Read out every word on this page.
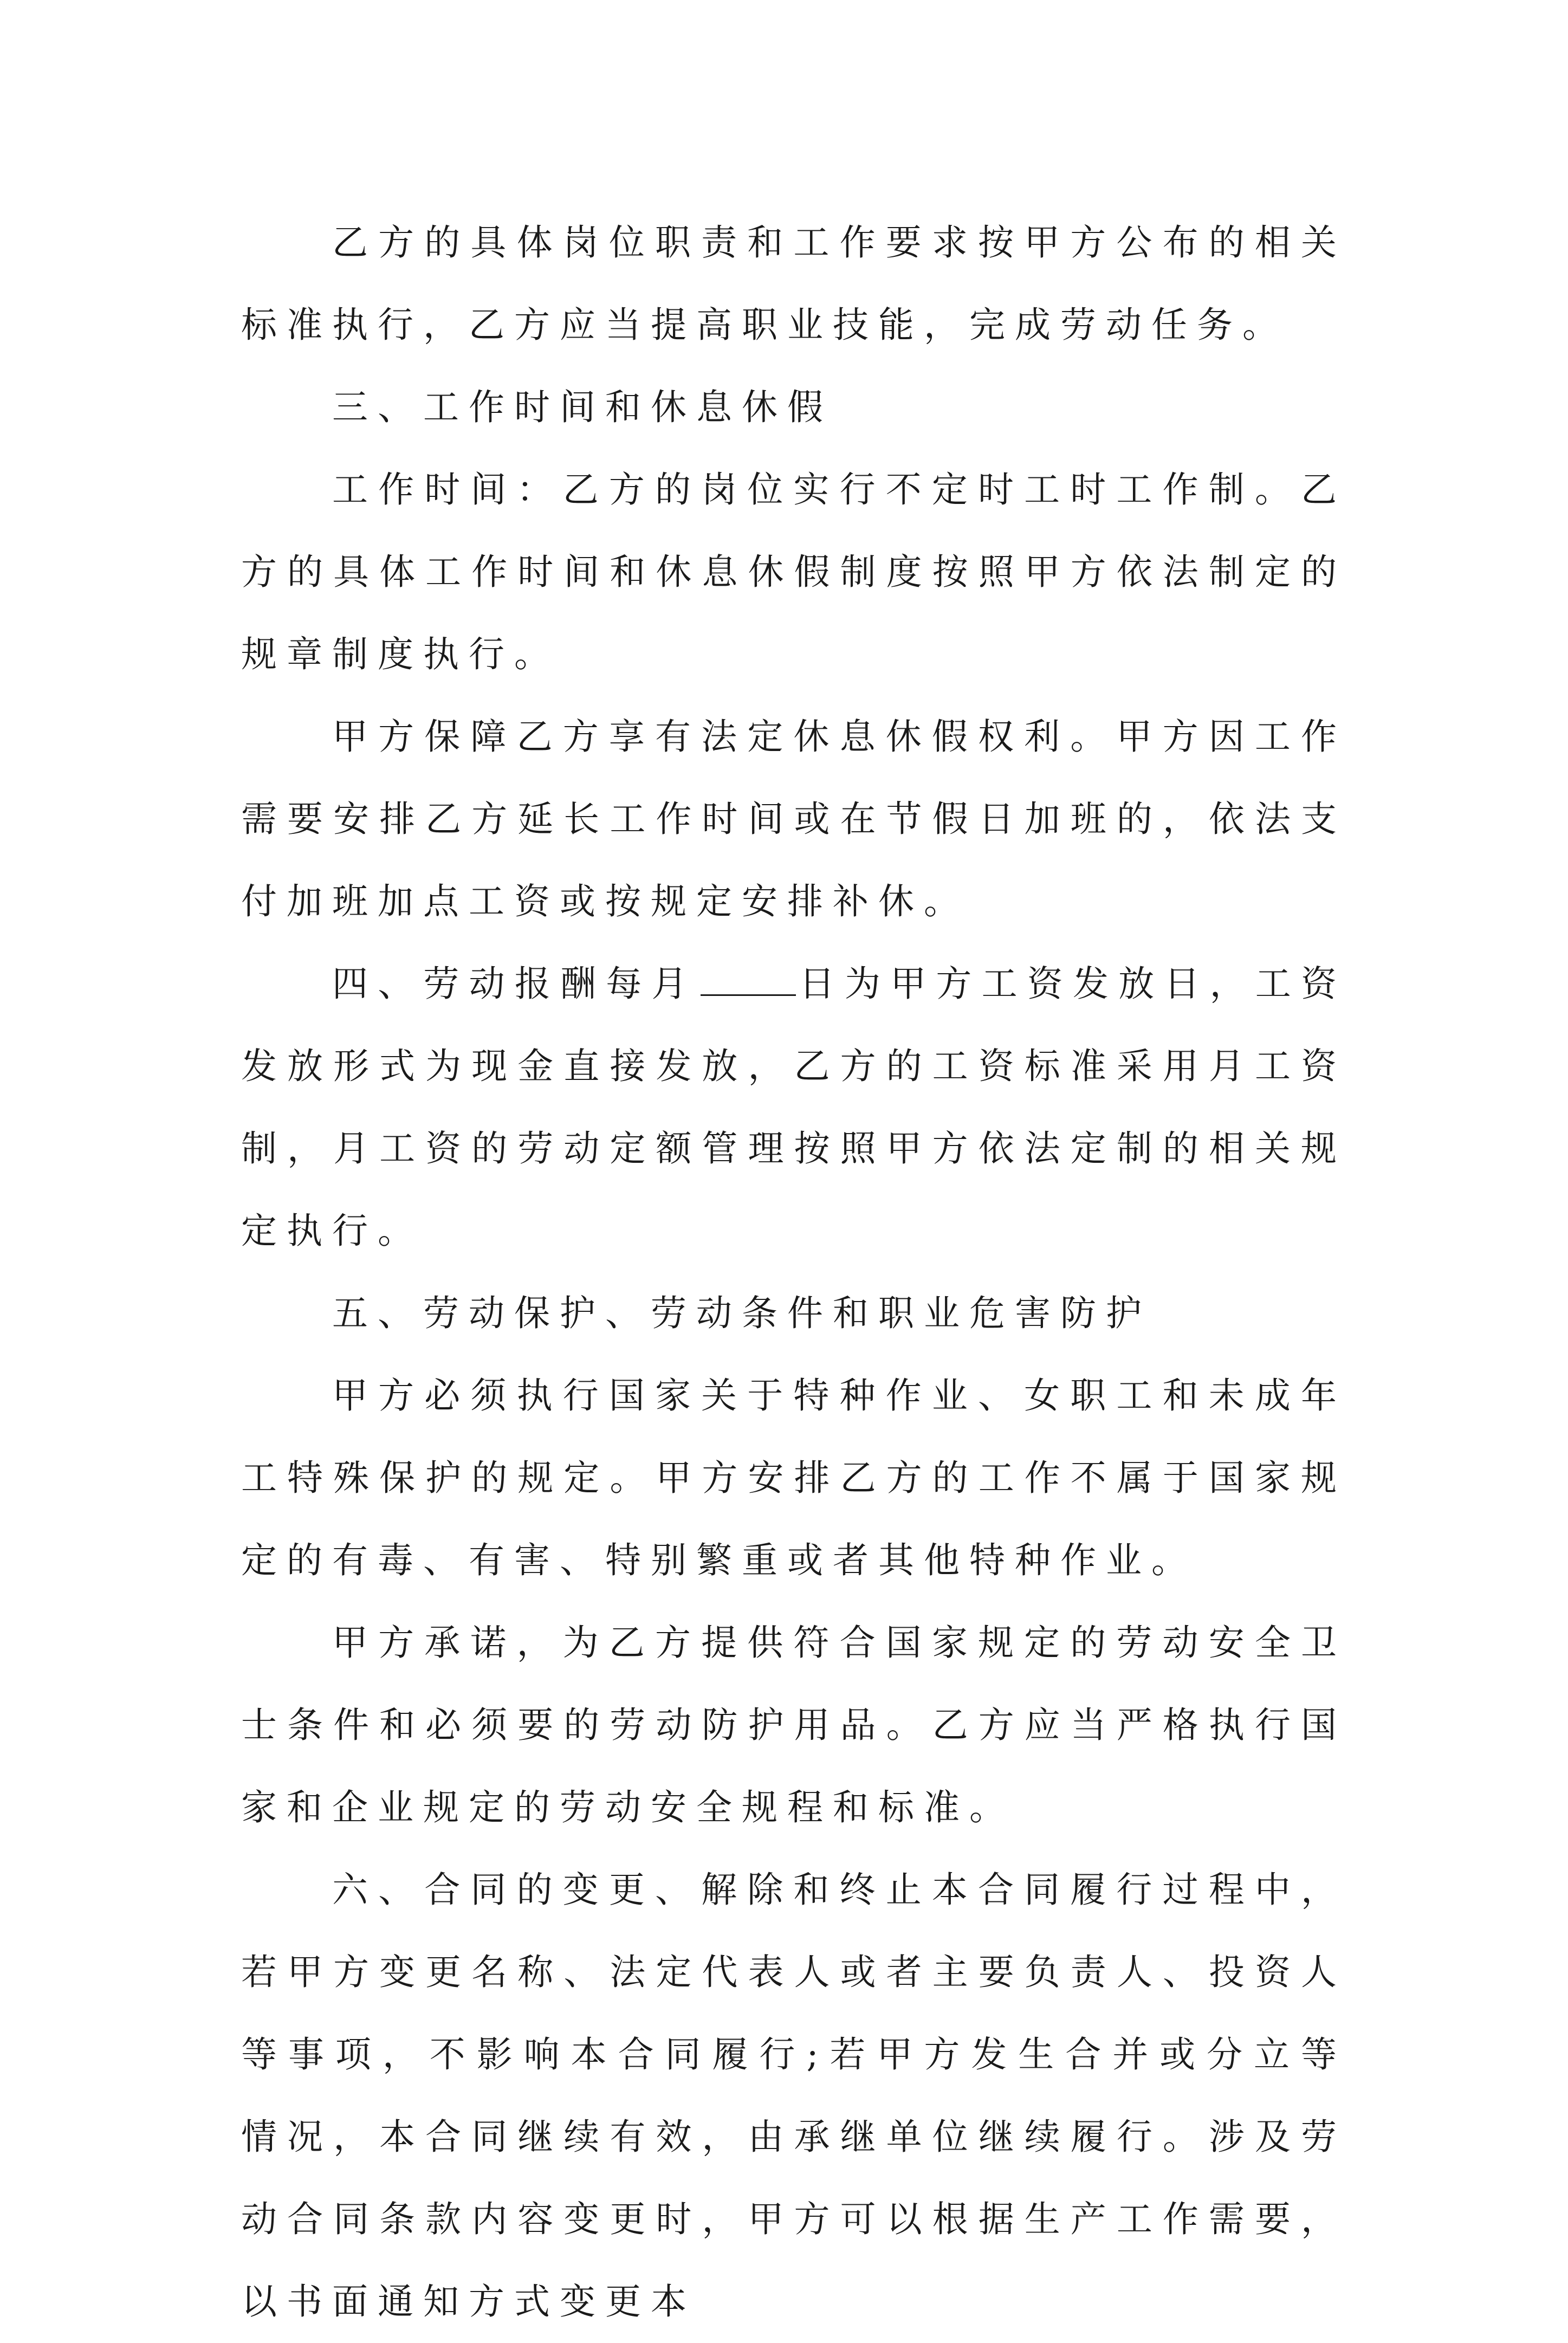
乙方的具体岗位职责和工作要求按甲方公布的相关标准执行，乙方应当提高职业技能，完成劳动任务。

三、工作时间和休息休假

工作时间：乙方的岗位实行不定时工时工作制。乙方的具体工作时间和休息休假制度按照甲方依法制定的规章制度执行。

甲方保障乙方享有法定休息休假权利。甲方因工作需要安排乙方延长工作时间或在节假日加班的，依法支付加班加点工资或按规定安排补休。

四、劳动报酬每月	日为甲方工资发放日，工资发放形式为现金直接发放，乙方的工资标准采用月工资制，月工资的劳动定额管理按照甲方依法定制的相关规定执行。

五、劳动保护、劳动条件和职业危害防护

甲方必须执行国家关于特种作业、女职工和未成年工特殊保护的规定。甲方安排乙方的工作不属于国家规定的有毒、有害、特别繁重或者其他特种作业。

甲方承诺，为乙方提供符合国家规定的劳动安全卫士条件和必须要的劳动防护用品。乙方应当严格执行国家和企业规定的劳动安全规程和标准。

六、合同的变更、解除和终止本合同履行过程中，若甲方变更名称、法定代表人或者主要负责人、投资人等事项，不影响本合同履行;若甲方发生合并或分立等情况，本合同继续有效，由承继单位继续履行。涉及劳动合同条款内容变更时，甲方可以根据生产工作需要，以书面通知方式变更本
